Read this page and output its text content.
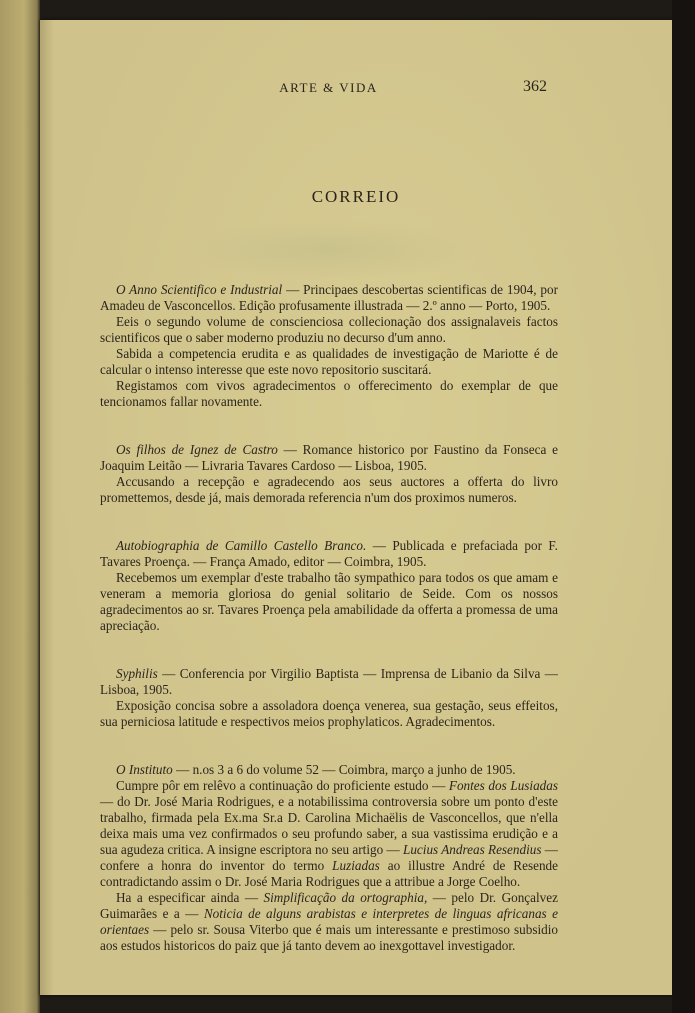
ARTE & VIDA	362
CORREIO

O Anno Scientifico e Industrial — Principaes descobertas scientificas de 1904, por Amadeu de Vasconcellos. Edição profusamente illustrada — 2.º anno — Porto, 1905.

Eeis o segundo volume de conscienciosa collecionação dos assignalaveis factos scientificos que o saber moderno produziu no decurso d'um anno.

Sabida a competencia erudita e as qualidades de investigação de Mariotte é de calcular o intenso interesse que este novo repositorio suscitará.

Registamos com vivos agradecimentos o offerecimento do exemplar de que tencionamos fallar novamente.

Os filhos de Ignez de Castro — Romance historico por Faustino da Fonseca e Joaquim Leitão — Livraria Tavares Cardoso — Lisboa, 1905.

Accusando a recepção e agradecendo aos seus auctores a offerta do livro promettemos, desde já, mais demorada referencia n'um dos proximos numeros.

Autobiographia de Camillo Castello Branco. — Publicada e prefaciada por F. Tavares Proença. — França Amado, editor — Coimbra, 1905.

Recebemos um exemplar d'este trabalho tão sympathico para todos os que amam e veneram a memoria gloriosa do genial solitario de Seide. Com os nossos agradecimentos ao sr. Tavares Proença pela amabilidade da offerta a promessa de uma apreciação.

Syphilis — Conferencia por Virgilio Baptista — Imprensa de Libanio da Silva — Lisboa, 1905.

Exposição concisa sobre a assoladora doença venerea, sua gestação, seus effeitos, sua perniciosa latitude e respectivos meios prophylaticos. Agradecimentos.

O Instituto — n.os 3 a 6 do volume 52 — Coimbra, março a junho de 1905.

Cumpre pôr em relêvo a continuação do proficiente estudo — Fontes dos Lusiadas — do Dr. José Maria Rodrigues, e a notabilissima controversia sobre um ponto d'este trabalho, firmada pela Ex.ma Sr.a D. Carolina Michaëlis de Vasconcellos, que n'ella deixa mais uma vez confirmados o seu profundo saber, a sua vastissima erudição e a sua agudeza critica. A insigne escriptora no seu artigo — Lucius Andreas Resendius — confere a honra do inventor do termo Luziadas ao illustre André de Resende contradictando assim o Dr. José Maria Rodrigues que a attribue a Jorge Coelho.

Ha a especificar ainda — Simplificação da ortographia, — pelo Dr. Gonçalvez Guimarães e a — Noticia de alguns arabistas e interpretes de linguas africanas e orientaes — pelo sr. Sousa Viterbo que é mais um interessante e prestimoso subsidio aos estudos historicos do paiz que já tanto devem ao inexgottavel investigador.
